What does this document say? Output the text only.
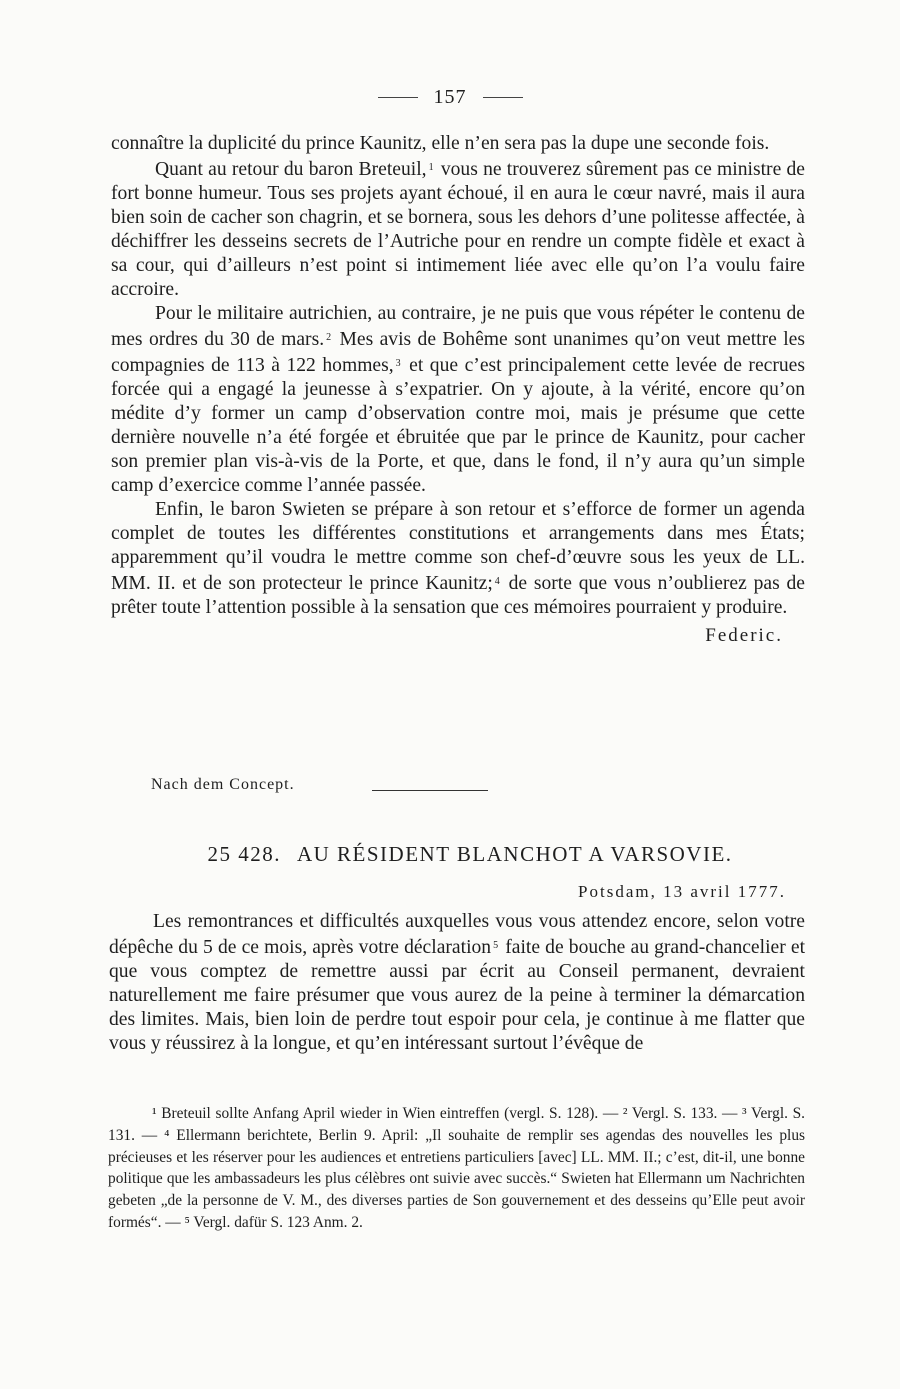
157

connaître la duplicité du prince Kaunitz, elle n’en sera pas la dupe une seconde fois.

Quant au retour du baron Breteuil, $^1$ vous ne trouverez sûrement pas ce ministre de fort bonne humeur. Tous ses projets ayant échoué, il en aura le cœur navré, mais il aura bien soin de cacher son chagrin, et se bornera, sous les dehors d’une politesse affectée, à déchiffrer les desseins secrets de l’Autriche pour en rendre un compte fidèle et exact à sa cour, qui d’ailleurs n’est point si intimement liée avec elle qu’on l’a voulu faire accroire.

Pour le militaire autrichien, au contraire, je ne puis que vous répéter le contenu de mes ordres du 30 de mars. $^2$ Mes avis de Bohême sont unanimes qu’on veut mettre les compagnies de 113 à 122 hommes, $^3$ et que c’est principalement cette levée de recrues forcée qui a engagé la jeunesse à s’expatrier. On y ajoute, à la vérité, encore qu’on médite d’y former un camp d’observation contre moi, mais je présume que cette dernière nouvelle n’a été forgée et ébruitée que par le prince de Kaunitz, pour cacher son premier plan vis-à-vis de la Porte, et que, dans le fond, il n’y aura qu’un simple camp d’exercice comme l’année passée.

Enfin, le baron Swieten se prépare à son retour et s’efforce de former un agenda complet de toutes les différentes constitutions et arrangements dans mes États; apparemment qu’il voudra le mettre comme son chef-d’œuvre sous les yeux de LL. MM. II. et de son protecteur le prince Kaunitz; $^4$ de sorte que vous n’oublierez pas de prêter toute l’attention possible à la sensation que ces mémoires pourraient y produire.

Federic.
Nach dem Concept.
25 428. AU RÉSIDENT BLANCHOT A VARSOVIE.
Potsdam, 13 avril 1777.

Les remontrances et difficultés auxquelles vous vous attendez encore, selon votre dépêche du 5 de ce mois, après votre déclaration $^5$ faite de bouche au grand-chancelier et que vous comptez de remettre aussi par écrit au Conseil permanent, devraient naturellement me faire présumer que vous aurez de la peine à terminer la démarcation des limites. Mais, bien loin de perdre tout espoir pour cela, je continue à me flatter que vous y réussirez à la longue, et qu’en intéressant surtout l’évêque de

¹ Breteuil sollte Anfang April wieder in Wien eintreffen (vergl. S. 128). — ² Vergl. S. 133. — ³ Vergl. S. 131. — ⁴ Ellermann berichtete, Berlin 9. April: „Il souhaite de remplir ses agendas des nouvelles les plus précieuses et les réserver pour les audiences et entretiens particuliers [avec] LL. MM. II.; c’est, dit-il, une bonne politique que les ambassadeurs les plus célèbres ont suivie avec succès.“ Swieten hat Ellermann um Nachrichten gebeten „de la personne de V. M., des diverses parties de Son gouvernement et des desseins qu’Elle peut avoir formés“. — ⁵ Vergl. dafür S. 123 Anm. 2.
